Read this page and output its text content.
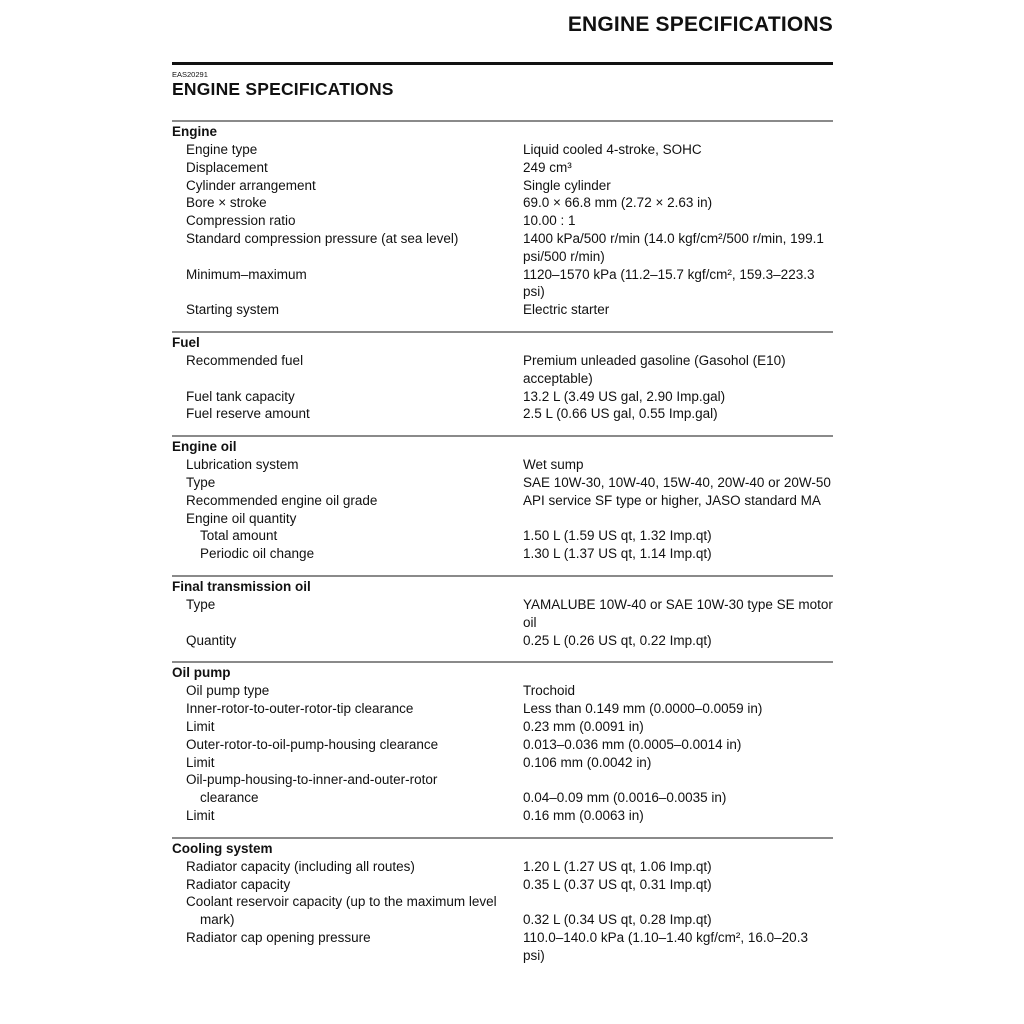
ENGINE SPECIFICATIONS
EAS20291
ENGINE SPECIFICATIONS
Engine
Engine type	Liquid cooled 4-stroke, SOHC
Displacement	249 cm³
Cylinder arrangement	Single cylinder
Bore × stroke	69.0 × 66.8 mm (2.72 × 2.63 in)
Compression ratio	10.00 : 1
Standard compression pressure (at sea level)	1400 kPa/500 r/min (14.0 kgf/cm²/500 r/min, 199.1 psi/500 r/min)
Minimum–maximum	1120–1570 kPa (11.2–15.7 kgf/cm², 159.3–223.3 psi)
Starting system	Electric starter
Fuel
Recommended fuel	Premium unleaded gasoline (Gasohol (E10) acceptable)
Fuel tank capacity	13.2 L (3.49 US gal, 2.90 Imp.gal)
Fuel reserve amount	2.5 L (0.66 US gal, 0.55 Imp.gal)
Engine oil
Lubrication system	Wet sump
Type	SAE 10W-30, 10W-40, 15W-40, 20W-40 or 20W-50
Recommended engine oil grade	API service SF type or higher, JASO standard MA
Engine oil quantity
Total amount	1.50 L (1.59 US qt, 1.32 Imp.qt)
Periodic oil change	1.30 L (1.37 US qt, 1.14 Imp.qt)
Final transmission oil
Type	YAMALUBE 10W-40 or SAE 10W-30 type SE motor oil
Quantity	0.25 L (0.26 US qt, 0.22 Imp.qt)
Oil pump
Oil pump type	Trochoid
Inner-rotor-to-outer-rotor-tip clearance	Less than 0.149 mm (0.0000–0.0059 in)
Limit	0.23 mm (0.0091 in)
Outer-rotor-to-oil-pump-housing clearance	0.013–0.036 mm (0.0005–0.0014 in)
Limit	0.106 mm (0.0042 in)
Oil-pump-housing-to-inner-and-outer-rotor
clearance	0.04–0.09 mm (0.0016–0.0035 in)
Limit	0.16 mm (0.0063 in)
Cooling system
Radiator capacity (including all routes)	1.20 L (1.27 US qt, 1.06 Imp.qt)
Radiator capacity	0.35 L (0.37 US qt, 0.31 Imp.qt)
Coolant reservoir capacity (up to the maximum level
mark)	0.32 L (0.34 US qt, 0.28 Imp.qt)
Radiator cap opening pressure	110.0–140.0 kPa (1.10–1.40 kgf/cm², 16.0–20.3 psi)
